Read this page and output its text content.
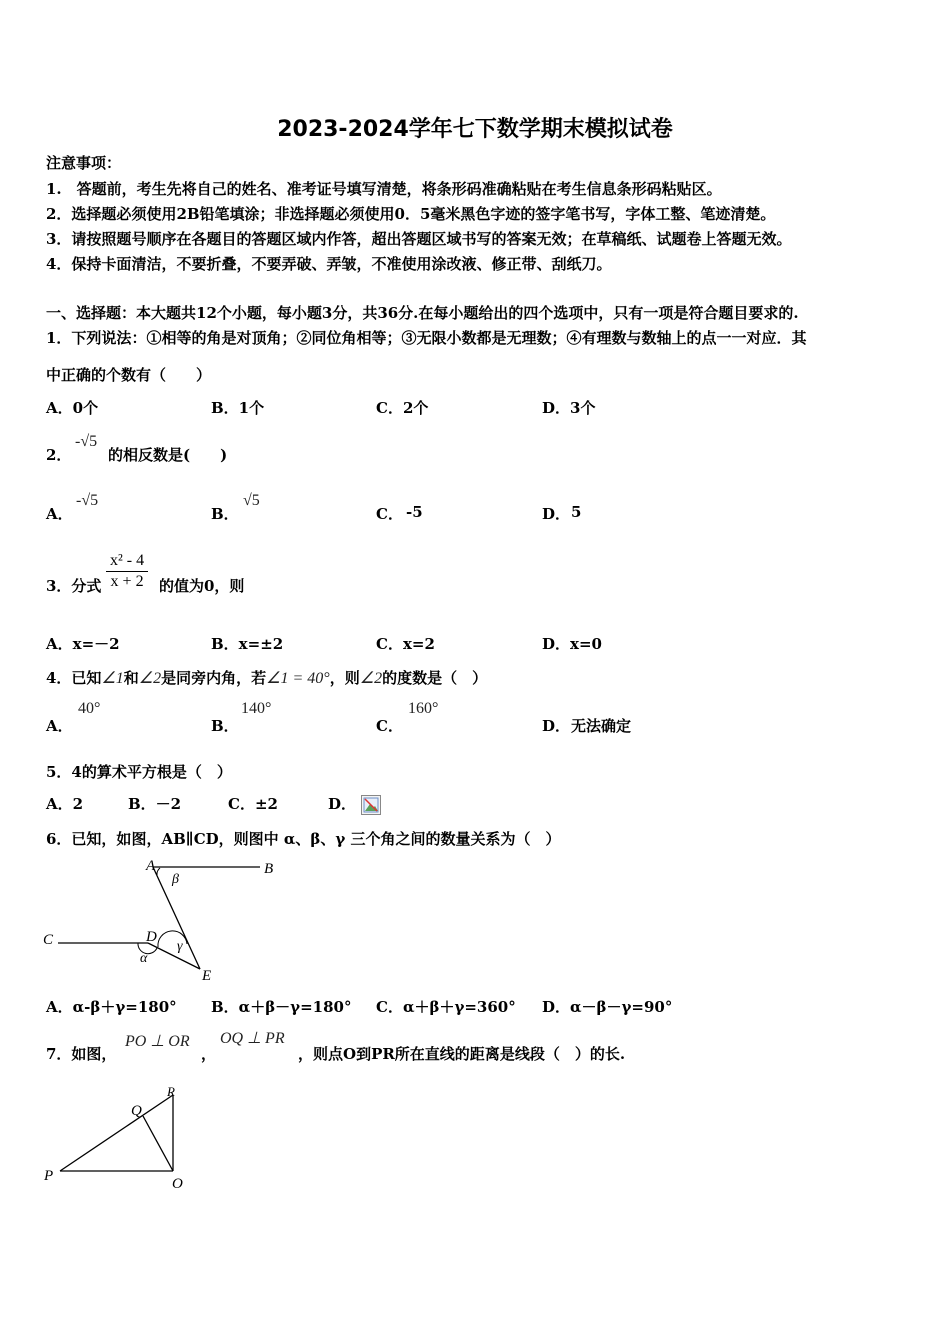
2023-2024学年七下数学期末模拟试卷
注意事项：
1.　答题前，考生先将自己的姓名、准考证号填写清楚，将条形码准确粘贴在考生信息条形码粘贴区。
2．选择题必须使用2B铅笔填涂；非选择题必须使用0．5毫米黑色字迹的签字笔书写，字体工整、笔迹清楚。
3．请按照题号顺序在各题目的答题区域内作答，超出答题区域书写的答案无效；在草稿纸、试题卷上答题无效。
4．保持卡面清洁，不要折叠，不要弄破、弄皱，不准使用涂改液、修正带、刮纸刀。
一、选择题：本大题共12个小题，每小题3分，共36分.在每小题给出的四个选项中，只有一项是符合题目要求的.
1．下列说法：①相等的角是对顶角；②同位角相等；③无限小数都是无理数；④有理数与数轴上的点一一对应．其
中正确的个数有（　　）
A．0个	B．1个	C．2个	D．3个
2．
-√5
的相反数是(　　)
A．
-√5
B．
√5
C． -5	D． 5
3．分式
x² - 4
x + 2	的值为0，则
A．x=－2	B．x=±2	C．x=2	D．x=0
4．已知∠1和∠2是同旁内角，若∠1 = 40°，则∠2的度数是（　）
A．
40°
B．
140°
C．
160°
D． 无法确定
5．4的算术平方根是（　）
A．2	B．－2	C．±2	D．
6．已知，如图，AB∥CD，则图中 α、β、γ 三个角之间的数量关系为（　）
A	B
C	D
E
α
β
γ
A．α-β＋γ=180° B．α＋β－γ=180° C．α＋β＋γ=360° D．α－β－γ=90°
7．如图，
PO ⊥ OR
，
OQ ⊥ PR
，则点O到PR所在直线的距离是线段（　）的长.
R
Q
P	O
